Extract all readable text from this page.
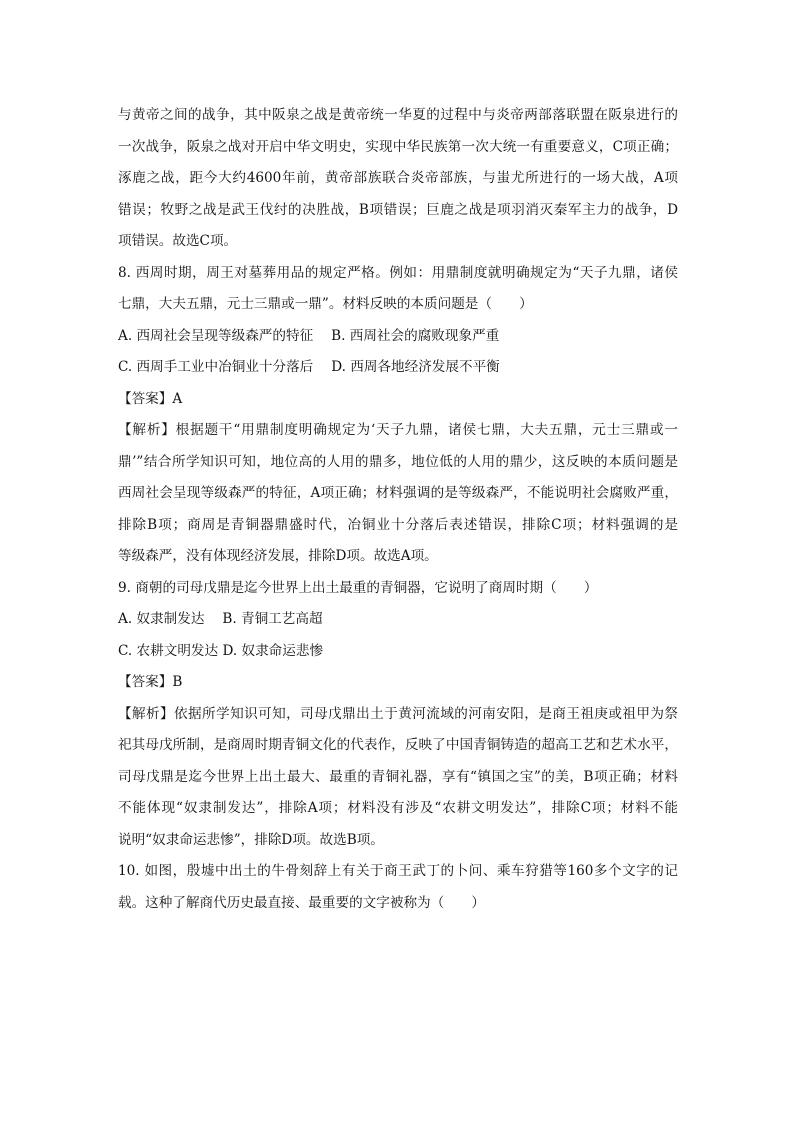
与黄帝之间的战争，其中阪泉之战是黄帝统一华夏的过程中与炎帝两部落联盟在阪泉进行的
一次战争，阪泉之战对开启中华文明史，实现中华民族第一次大统一有重要意义，C项正确；
涿鹿之战，距今大约4600年前，黄帝部族联合炎帝部族，与蚩尤所进行的一场大战，A项
错误；牧野之战是武王伐纣的决胜战，B项错误；巨鹿之战是项羽消灭秦军主力的战争，D
项错误。故选C项。
8. 西周时期，周王对墓葬用品的规定严格。例如：用鼎制度就明确规定为“天子九鼎，诸侯
七鼎，大夫五鼎，元士三鼎或一鼎”。材料反映的本质问题是（　　）
A. 西周社会呈现等级森严的特征　 B. 西周社会的腐败现象严重
C. 西周手工业中冶铜业十分落后　 D. 西周各地经济发展不平衡
【答案】A
【解析】根据题干“用鼎制度明确规定为‘天子九鼎，诸侯七鼎，大夫五鼎，元士三鼎或一
鼎’”结合所学知识可知，地位高的人用的鼎多，地位低的人用的鼎少，这反映的本质问题是
西周社会呈现等级森严的特征，A项正确；材料强调的是等级森严，不能说明社会腐败严重，
排除B项；商周是青铜器鼎盛时代，冶铜业十分落后表述错误，排除C项；材料强调的是
等级森严，没有体现经济发展，排除D项。故选A项。
9. 商朝的司母戊鼎是迄今世界上出土最重的青铜器，它说明了商周时期（　　）
A. 奴隶制发达　 B. 青铜工艺高超
C. 农耕文明发达 D. 奴隶命运悲惨
【答案】B
【解析】依据所学知识可知，司母戊鼎出土于黄河流域的河南安阳，是商王祖庚或祖甲为祭
祀其母戊所制，是商周时期青铜文化的代表作，反映了中国青铜铸造的超高工艺和艺术水平，
司母戊鼎是迄今世界上出土最大、最重的青铜礼器，享有“镇国之宝”的美，B项正确；材料
不能体现“奴隶制发达”，排除A项；材料没有涉及“农耕文明发达”，排除C项；材料不能
说明“奴隶命运悲惨”，排除D项。故选B项。
10. 如图，殷墟中出土的牛骨刻辞上有关于商王武丁的卜问、乘车狩猎等160多个文字的记
载。这种了解商代历史最直接、最重要的文字被称为（　　）
